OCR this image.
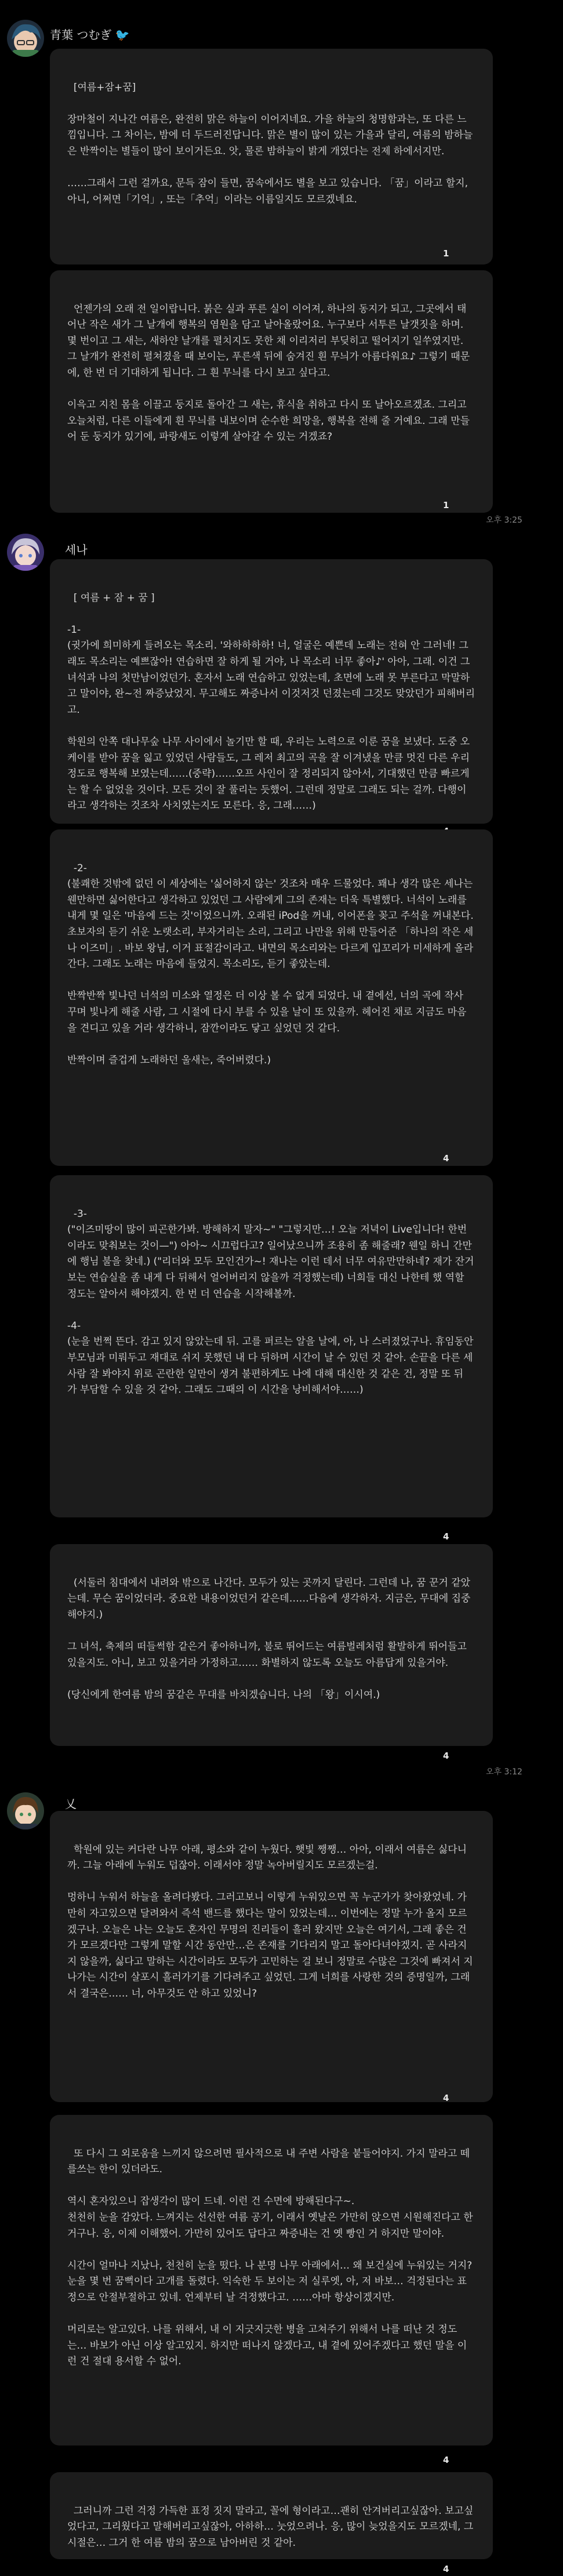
青葉 つむぎ 🐦

[여름+잠+꿈]

장마철이 지나간 여름은, 완전히 맑은 하늘이 이어지네요. 가을 하늘의 청명함과는, 또 다른 느낌입니다. 그 차이는, 밤에 더 두드러진답니다. 맑은 별이 많이 있는 가을과 달리, 여름의 밤하늘은 반짝이는 별들이 많이 보이거든요. 앗, 물론 밤하늘이 밝게 개였다는 전제 하에서지만.

……그래서 그런 걸까요, 문득 잠이 들면, 꿈속에서도 별을 보고 있습니다. 「꿈」이라고 할지, 아니, 어쩌면「기억」, 또는「추억」이라는 이름일지도 모르겠네요.

1

언젠가의 오래 전 일이랍니다. 붉은 실과 푸른 실이 이어져, 하나의 동지가 되고, 그곳에서 태어난 작은 새가 그 날개에 행복의 염원을 담고 날아올랐어요. 누구보다 서투른 날갯짓을 하며. 몇 번이고 그 새는, 새하얀 날개를 펼치지도 못한 채 이리저리 부딪히고 떨어지기 일쑤였지만. 그 날개가 완전히 펼쳐졌을 때 보이는, 푸른색 뒤에 숨겨진 흰 무늬가 아름다워요♪ 그렇기 때문에, 한 번 더 기대하게 됩니다. 그 흰 무늬를 다시 보고 싶다고.

이윽고 지친 몸을 이끌고 둥지로 돌아간 그 새는, 휴식을 취하고 다시 또 날아오르겠죠. 그리고 오늘처럼, 다른 이들에게 흰 무늬를 내보이며 순수한 희망을, 행복을 전해 줄 거예요. 그래 만들어 둔 둥지가 있기에, 파랑새도 이렇게 살아갈 수 있는 거겠죠?

1
오후 3:25
세나

[ 여름 + 잠 + 꿈 ]

-1-
(귓가에 희미하게 들려오는 목소리. '와하하하하! 너, 얼굴은 예쁜데 노래는 전혀 안 그러네! 그래도 목소리는 예쁘잖아! 연습하면 잘 하게 될 거야, 나 목소리 너무 좋아♪' 아아, 그래. 이건 그 녀석과 나의 첫만남이었던가. 혼자서 노래 연습하고 있었는데, 초면에 노래 못 부른다고 막말하고 말이야, 완~전 짜증났었지. 무고해도 짜증나서 이것저것 던졌는데 그것도 맞았던가 피해버리고.

학원의 안쪽 대나무숲 나무 사이에서 놀기만 할 때, 우리는 노력으로 이룬 꿈을 보냈다. 도중 오케이를 받아 꿈을 잃고 있었던 사람들도, 그 레저 최고의 곡을 잘 이겨냈을 만큼 멋진 다른 우리 정도로 행복해 보였는데……(중략)……오프 사인이 잘 정리되지 않아서, 기대했던 만큼 빠르게는 할 수 없었을 것이다. 모든 것이 잘 풀리는 듯했어. 그런데 정말로 그래도 되는 걸까. 다행이라고 생각하는 것조차 사치였는지도 모른다. 응, 그래……)

-2-
(불쾌한 것밖에 없던 이 세상에는 '싫어하지 않는' 것조차 매우 드물었다. 꽤나 생각 많은 세나는 웬만하면 싫어한다고 생각하고 있었던 그 사람에게 그의 존재는 더욱 특별했다. 너석이 노래를 내게 몇 일은 '마음에 드는 것'이었으니까. 오래된 iPod을 꺼내, 이어폰을 꽂고 주석을 꺼내본다. 초보자의 듣기 쉬운 노랫소리, 부자거리는 소리, 그리고 나만을 위해 만들어준 「하나의 작은 세나 이즈미」. 바보 왕님, 이거 표절감이라고. 내면의 목소리와는 다르게 입꼬리가 미세하게 올라간다. 그래도 노래는 마음에 들었지. 목소리도, 듣기 좋았는데.

반짝반짝 빛나던 너석의 미소와 열정은 더 이상 볼 수 없게 되었다. 내 곁에선, 너의 곡에 작사 꾸며 빛나게 해줄 사람, 그 시절에 다시 부를 수 있을 날이 또 있을까. 헤어진 채로 지금도 마음을 견디고 있을 거라 생각하니, 잠깐이라도 닿고 싶었던 것 같다.

반짝이며 즐겁게 노래하던 울새는, 죽어버렸다.)

4

-3-
("이즈미땅이 많이 피곤한가봐. 방해하지 말자~" "그렇지만…! 오늘 저녁이 Live입니다! 한번이라도 맞춰보는 것이—") 아아~ 시끄럽다고? 일어났으니까 조용히 좀 해줄래? 웬일 하니 간만에 행님 불을 찾네.) ("리더와 모두 모인건가~! 재나는 이런 데서 너무 여유만만하네? 재가 잔거 보는 연습실을 좀 내게 다 뒤해서 얼어버리지 않을까 걱정했는데) 너희들 대신 나한테 했 역할 정도는 알아서 해야겠지. 한 번 더 연습을 시작해볼까.

-4-
(눈을 번쩍 뜬다. 감고 있지 않았는데 뒤. 고를 퍼르는 알을 날에, 아, 나 스러졌었구나. 휴임동안 부모님과 미뤄두고 재대로 쉬지 못했던 내 다 뒤하며 시간이 날 수 있던 것 같아. 손끝을 다른 세 사람 잘 봐야지 위로 곤란한 일만이 생겨 불편하게도 나에 대해 대신한 것 같은 건, 정말 또 뒤 가 부담할 수 있을 것 같아. 그래도 그때의 이 시간을 낭비해서야……)

4

(서둘러 침대에서 내려와 밖으로 나간다. 모두가 있는 곳까지 달린다. 그런데 나, 꿈 꾼거 같았는데. 무슨 꿈이었더라. 중요한 내용이었던거 같은데……다음에 생각하자. 지금은, 무대에 집중해야지.)

그 녀석, 축제의 떠들썩함 같은거 좋아하니까, 불로 뛰어드는 여름벌레처럼 활발하게 뛰어들고 있을지도. 아니, 보고 있을거라 가정하고…… 화별하지 않도록 오늘도 아름답게 있을거야.

(당신에게 한여름 밤의 꿈같은 무대를 바치겠습니다. 나의 「왕」이시여.)

4
오후 3:12
乂

학원에 있는 커다란 나무 아래, 평소와 같이 누웠다. 햇빛 쨍쨍… 아아, 이래서 여름은 싫다니까. 그늘 아래에 누워도 덥잖아. 이래서야 정말 녹아버릴지도 모르겠는걸.

멍하니 누워서 하늘을 올려다봤다. 그러고보니 이렇게 누워있으면 꼭 누군가가 찾아왔었네. 가만히 자고있으면 달려와서 즉석 밴드를 했다는 말이 있었는데… 이번에는 정말 누가 올지 모르겠구나. 오늘은 나는 오늘도 혼자인 무명의 진리들이 흘러 왔지만 오늘은 여기서, 그래 좋은 건가 모르겠다만 그렇게 말할 시간 동안만…은 존재를 기다리지 말고 돌아다녀야겠지. 곧 사라지지 않을까, 싫다고 말하는 시간이라도 모두가 고민하는 걸 보니 정말로 수많은 그것에 빠져서 지나가는 시간이 살포시 흘러가기를 기다려주고 싶었던. 그게 너희를 사랑한 것의 증명일까, 그래서 결국은…… 너, 아무것도 안 하고 있었니?

4

또 다시 그 외로움을 느끼지 않으려면 필사적으로 내 주변 사람을 붙들어야지. 가지 말라고 떼를쓰는 한이 있더라도.

역시 혼자있으니 잡생각이 많이 드네. 이런 건 수면에 방해된다구~.
천천히 눈을 감았다. 느껴지는 선선한 여름 공기, 이래서 옛날은 가만히 앉으면 시원해진다고 한 거구나. 응, 이제 이해했어. 가만히 있어도 답다고 짜증내는 건 옛 빵인 거 하지만 말이야.

시간이 얼마나 지났나, 천천히 눈을 떴다. 나 분명 나무 아래에서… 왜 보건실에 누워있는 거지? 눈을 몇 번 꿈뻑이다 고개를 돌렸다. 익숙한 두 보이는 저 실루엣, 아, 저 바보… 걱정된다는 표정으로 안절부절하고 있네. 언제부터 날 걱정했다고. ……아마 항상이겠지만.

머리로는 알고있다. 나를 위해서, 내 이 지긋지긋한 병을 고쳐주기 위해서 나를 떠난 것 정도는… 바보가 아닌 이상 알고있지. 하지만 떠나지 않겠다고, 내 곁에 있어주겠다고 했던 말을 이런 건 절대 용서할 수 없어.

4

그러니까 그런 걱정 가득한 표정 짓지 말라고, 꼴에 형이라고…괜히 안겨버리고싶잖아. 보고싶었다고, 그리웠다고 말해버리고싶잖아, 아하하… 눗었으려나. 응, 많이 늦었을지도 모르겠네, 그 시절은… 그거 한 여름 밤의 꿈으로 남아버린 것 같아.

4
